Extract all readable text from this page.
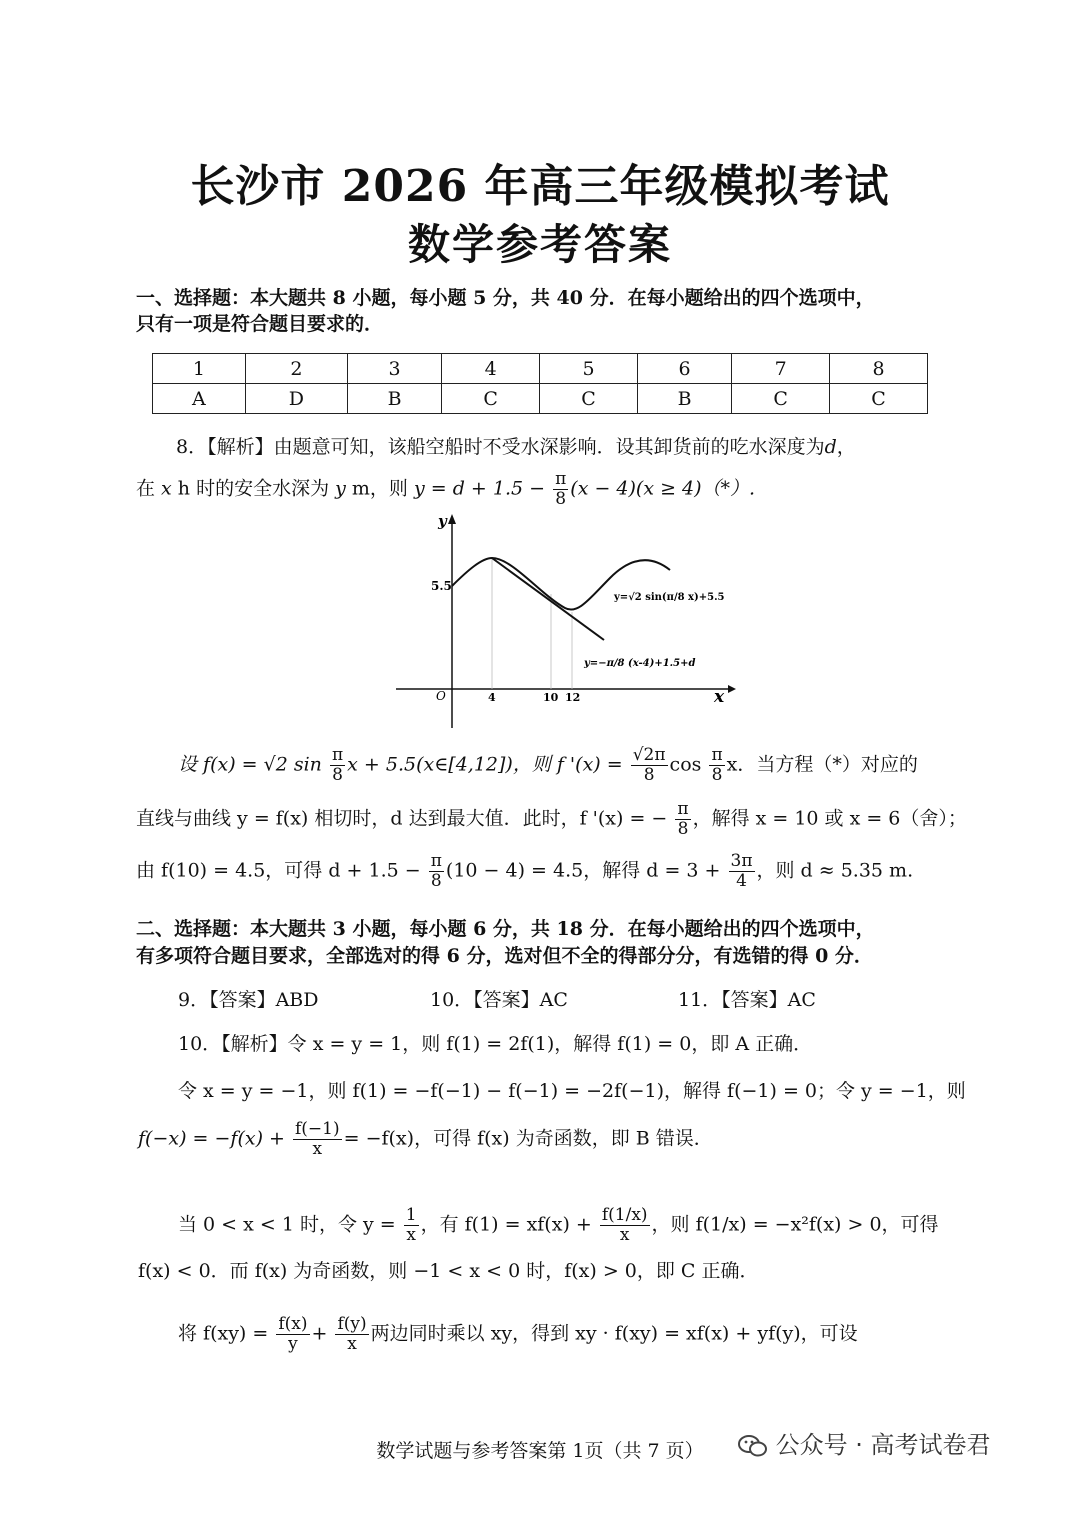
长沙市 2026 年高三年级模拟考试
数学参考答案
一、选择题：本大题共 8 小题，每小题 5 分，共 40 分．在每小题给出的四个选项中，
只有一项是符合题目要求的．
1	2	3	4	5	6	7	8
A	D	B	C	C	B	C	C
8．【解析】由题意可知，该船空船时不受水深影响．设其卸货前的吃水深度为d，
在 x h 时的安全水深为 y m，则 $y = d + 1.5 - \frac{\pi}{8} (x - 4)(x \ge 4)(*)$.
y
x
O
5.5
4	10 12
y=√2 sin(π/8 x)+5.5
y=−π/8 (x-4)+1.5+d
设 f(x) = √2 $\sin \frac{\pi}{8}$ x + 5.5(x∈[4,12])，则 f '$(x) = \frac{√2\pi}{8}$ $\cos \frac{\pi}{8}$ x．当方程（*）对应的
直线与曲线 y = f(x) 相切时，d 达到最大值．此时，f '(x) = − $\frac{\pi}{8}$ ，解得 x = 10 或 x = 6（舍）；
由 f(10) = 4.5，可得 $d + 1.5 - \frac{\pi}{8} (10 - 4) = 4.5$，解得 $d = 3 + \frac{3\pi}{4}$ ，则 d ≈ 5.35 m.
二、选择题：本大题共 3 小题，每小题 6 分，共 18 分．在每小题给出的四个选项中，
有多项符合题目要求，全部选对的得 6 分，选对但不全的得部分分，有选错的得 0 分．
9．【答案】ABD	10．【答案】AC	11．【答案】AC
10．【解析】令 x = y = 1，则 f(1) = 2f(1)，解得 f(1) = 0，即 A 正确．
令 x = y = −1，则 f(1) = −f(−1) − f(−1) = −2f(−1)，解得 f(−1) = 0；令 y = −1，则
$f(-x) = -f(x) + \frac{f(-1)}{x} = -f(x)$，可得 f(x) 为奇函数，即 B 错误．
当 0 < x < 1 时，令 $y = \frac{1}{x}$ ，有 $f(1) = xf(x) + \frac{f(1/x)}{x}$ ，则 f(1/x) = −x²f(x) > 0，可得
f(x) < 0．而 f(x) 为奇函数，则 −1 < x < 0 时，f(x) > 0，即 C 正确．
将 $f(xy) = \frac{f(x)}{y} + \frac{f(y)}{x}$ 两边同时乘以 xy，得到 xy · f(xy) = xf(x) + yf(y)，可设
数学试题与参考答案第 1页（共 7 页）	公众号 · 高考试卷君
